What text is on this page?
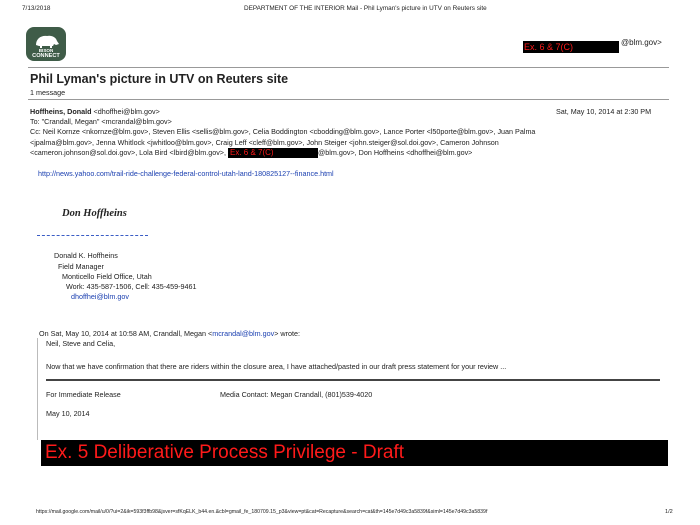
7/13/2018	DEPARTMENT OF THE INTERIOR Mail - Phil Lyman's picture in UTV on Reuters site
BISON
CONNECT
Ex. 6 & 7(C)	@blm.gov>
Phil Lyman's picture in UTV on Reuters site
1 message
Hoffheins, Donald <dhoffhei@blm.gov>	Sat, May 10, 2014 at 2:30 PM
To: "Crandall, Megan" <mcrandal@blm.gov>
Cc: Neil Kornze <nkornze@blm.gov>, Steven Ellis <sellis@blm.gov>, Celia Boddington <cbodding@blm.gov>, Lance Porter <l50porte@blm.gov>, Juan Palma
<jpalma@blm.gov>, Jenna Whitlock <jwhitloo@blm.gov>, Craig Leff <cleff@blm.gov>, John Steiger <john.steiger@sol.doi.gov>, Cameron Johnson
<cameron.johnson@sol.doi.gov>, Lola Bird <lbird@blm.gov>, Ex. 6 & 7(C)	@blm.gov>, Don Hoffheins <dhoffhei@blm.gov>
http://news.yahoo.com/trail-ride-challenge-federal-control-utah-land-180825127--finance.html
Don Hoffheins
Donald K. Hoffheins
Field Manager
Monticello Field Office, Utah
Work: 435-587-1506, Cell: 435-459-9461
dhoffhei@blm.gov
On Sat, May 10, 2014 at 10:58 AM, Crandall, Megan <mcrandal@blm.gov> wrote:
Neil, Steve and Celia,
Now that we have confirmation that there are riders within the closure area, I have attached/pasted in our draft press statement for your review ...
For Immediate Release	Media Contact: Megan Crandall, (801)539-4020
May 10, 2014
Ex. 5 Deliberative Process Privilege - Draft
https://mail.google.com/mail/u/0/?ui=2&ik=593f3ffb98&jsver=sfKqELK_b44.en.&cbl=gmail_fe_180709.15_p3&view=pt&cat=Recapture&search=cat&th=145e7d49c3a5839f&siml=145e7d49c3a5839f	1/2
